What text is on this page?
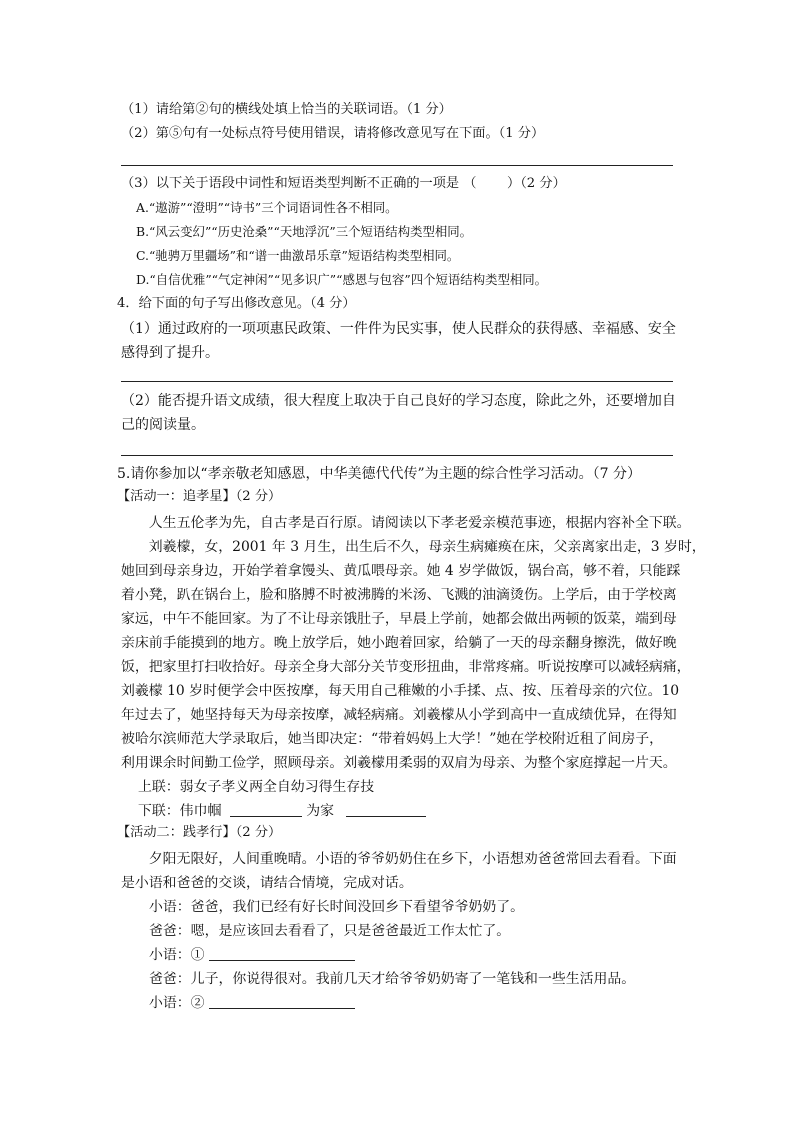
（1）请给第②句的横线处填上恰当的关联词语。（1 分）
（2）第⑤句有一处标点符号使用错误，请将修改意见写在下面。（1 分）
（3）以下关于语段中词性和短语类型判断不正确的一项是 （　　 ）（2 分）
A.“遨游”“澄明”“诗书”三个词语词性各不相同。
B.“风云变幻”“历史沧桑”“天地浮沉”三个短语结构类型相同。
C.“驰骋万里疆场”和“谱一曲激昂乐章”短语结构类型相同。
D.“自信优雅”“气定神闲”“见多识广”“感恩与包容”四个短语结构类型相同。
4．给下面的句子写出修改意见。（4 分）
（1）通过政府的一项项惠民政策、一件件为民实事，使人民群众的获得感、幸福感、安全
感得到了提升。
（2）能否提升语文成绩，很大程度上取决于自己良好的学习态度，除此之外，还要增加自
己的阅读量。
5.请你参加以“孝亲敬老知感恩，中华美德代代传”为主题的综合性学习活动。（7 分）
【活动一：追孝星】（2 分）
　　人生五伦孝为先，自古孝是百行原。请阅读以下孝老爱亲模范事迹，根据内容补全下联。
　　刘羲檬，女，2001 年 3 月生，出生后不久，母亲生病瘫痪在床，父亲离家出走，3 岁时，
她回到母亲身边，开始学着拿馒头、黄瓜喂母亲。她 4 岁学做饭，锅台高，够不着，只能踩
着小凳，趴在锅台上，脸和胳膊不时被沸腾的米汤、飞溅的油滴烫伤。上学后，由于学校离
家远，中午不能回家。为了不让母亲饿肚子，早晨上学前，她都会做出两顿的饭菜，端到母
亲床前手能摸到的地方。晚上放学后，她小跑着回家，给躺了一天的母亲翻身擦洗，做好晚
饭，把家里打扫收拾好。母亲全身大部分关节变形扭曲，非常疼痛。听说按摩可以减轻病痛，
刘羲檬 10 岁时便学会中医按摩，每天用自己稚嫩的小手揉、点、按、压着母亲的穴位。10
年过去了，她坚持每天为母亲按摩，减轻病痛。刘羲檬从小学到高中一直成绩优异，在得知
被哈尔滨师范大学录取后，她当即决定：“带着妈妈上大学！”她在学校附近租了间房子，
利用课余时间勤工俭学，照顾母亲。刘羲檬用柔弱的双肩为母亲、为整个家庭撑起一片天。
上联：弱女子孝义两全自幼习得生存技
下联：伟巾帼	为家
【活动二：践孝行】（2 分）
　　夕阳无限好，人间重晚晴。小语的爷爷奶奶住在乡下，小语想劝爸爸常回去看看。下面
是小语和爸爸的交谈，请结合情境，完成对话。
小语：爸爸，我们已经有好长时间没回乡下看望爷爷奶奶了。
爸爸：嗯，是应该回去看看了，只是爸爸最近工作太忙了。
小语：①
爸爸：儿子，你说得很对。我前几天才给爷爷奶奶寄了一笔钱和一些生活用品。
小语：②
